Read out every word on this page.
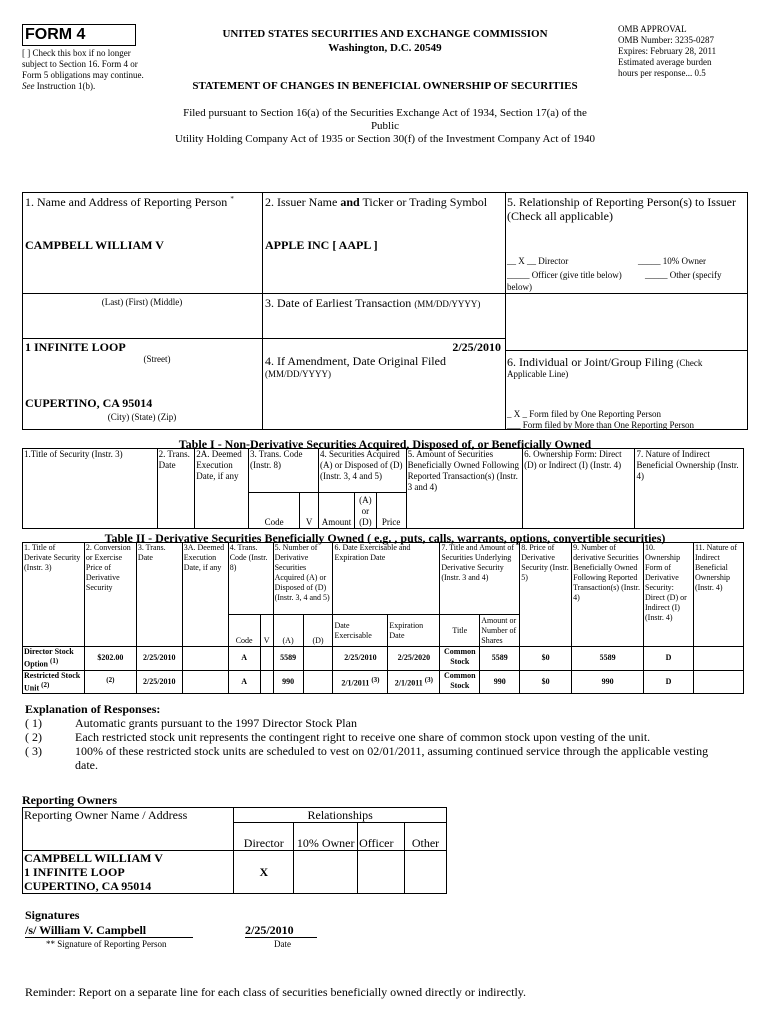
FORM 4
[ ] Check this box if no longer subject to Section 16. Form 4 or Form 5 obligations may continue. See Instruction 1(b).
UNITED STATES SECURITIES AND EXCHANGE COMMISSION
Washington, D.C. 20549
STATEMENT OF CHANGES IN BENEFICIAL OWNERSHIP OF SECURITIES
OMB APPROVAL
OMB Number: 3235-0287
Expires: February 28, 2011
Estimated average burden
hours per response... 0.5
Filed pursuant to Section 16(a) of the Securities Exchange Act of 1934, Section 17(a) of the
Public
Utility Holding Company Act of 1935 or Section 30(f) of the Investment Company Act of 1940
1. Name and Address of Reporting Person *
CAMPBELL WILLIAM V
(Last) (First) (Middle)
1 INFINITE LOOP
(Street)
CUPERTINO, CA 95014
(City) (State) (Zip)
2. Issuer Name and Ticker or Trading Symbol
APPLE INC [ AAPL ]
3. Date of Earliest Transaction (MM/DD/YYYY)
2/25/2010
4. If Amendment, Date Original Filed
(MM/DD/YYYY)
5. Relationship of Reporting Person(s) to Issuer
(Check all applicable)
__ X __ Director	_____ 10% Owner
_____ Officer (give title below)	_____ Other (specify
below)
6. Individual or Joint/Group Filing (Check
Applicable Line)
_ X _ Form filed by One Reporting Person
___ Form filed by More than One Reporting Person
Table I - Non-Derivative Securities Acquired, Disposed of, or Beneficially Owned
1.Title of Security (Instr. 3)	2. Trans. Date	2A. Deemed Execution Date, if any	3. Trans. Code (Instr. 8)		4. Securities Acquired (A) or Disposed of (D) (Instr. 3, 4 and 5)			5. Amount of Securities Beneficially Owned Following Reported Transaction(s) (Instr. 3 and 4)	6. Ownership Form: Direct (D) or Indirect (I) (Instr. 4)	7. Nature of Indirect Beneficial Ownership (Instr. 4)
			Code	V	Amount	(A) or (D)	Price			
Table II - Derivative Securities Beneficially Owned ( e.g. , puts, calls, warrants, options, convertible securities)
1. Title of Derivate Security (Instr. 3)	2. Conversion or Exercise Price of Derivative Security	3. Trans. Date	3A. Deemed Execution Date, if any	4. Trans. Code (Instr. 8)		5. Number of Derivative Securities Acquired (A) or Disposed of (D) (Instr. 3, 4 and 5)		6. Date Exercisable and Expiration Date		7. Title and Amount of Securities Underlying Derivative Security (Instr. 3 and 4)		8. Price of Derivative Security (Instr. 5)	9. Number of derivative Securities Beneficially Owned Following Reported Transaction(s) (Instr. 4)	10. Ownership Form of Derivative Security: Direct (D) or Indirect (I) (Instr. 4)	11. Nature of Indirect Beneficial Ownership (Instr. 4)
				Code	V	(A)	(D)	Date Exercisable	Expiration Date	Title	Amount or Number of Shares				
Director Stock Option $^{(1)}$	$202.00	2/25/2010		A		5589		2/25/2010	2/25/2020	Common Stock	5589	$0	5589	D	
Restricted Stock Unit $^{(2)}$	$^{(2)}$	2/25/2010		A		990		2/1/2011 $^{(3)}$	2/1/2011 $^{(3)}$	Common Stock	990	$0	990	D	
Explanation of Responses:
( 1)	Automatic grants pursuant to the 1997 Director Stock Plan
( 2)	Each restricted stock unit represents the contingent right to receive one share of common stock upon vesting of the unit.
( 3)	100% of these restricted stock units are scheduled to vest on 02/01/2011, assuming continued service through the applicable vesting date.
Reporting Owners
Reporting Owner Name / Address	Relationships			
	Director	10% Owner	Officer	Other

CAMPBELL WILLIAM V
1 INFINITE LOOP
CUPERTINO, CA 95014	X			
Signatures
/s/ William V. Campbell	2/25/2010
** Signature of Reporting Person	Date
Reminder: Report on a separate line for each class of securities beneficially owned directly or indirectly.
